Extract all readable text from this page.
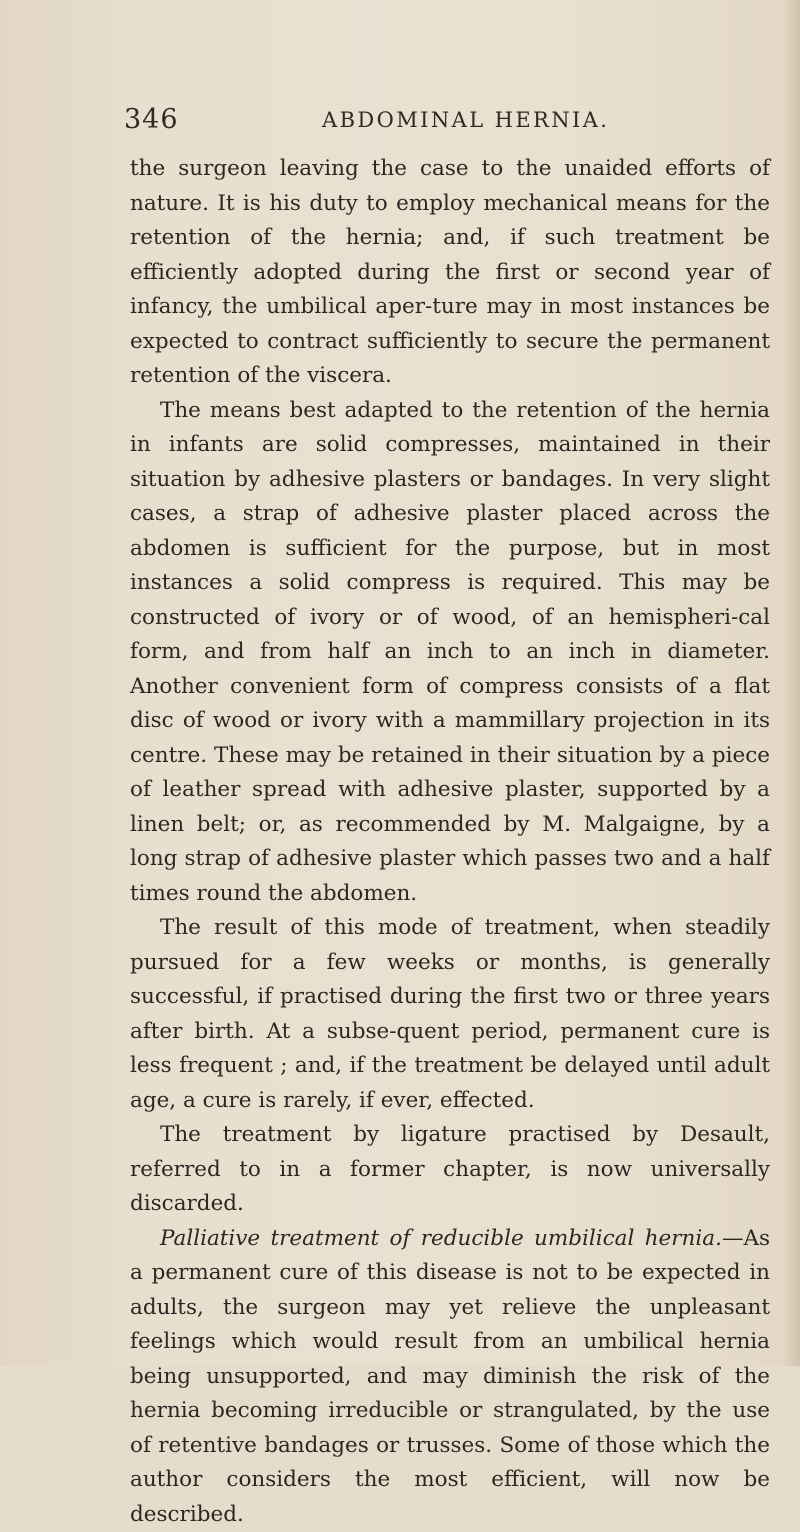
346	ABDOMINAL HERNIA.

the surgeon leaving the case to the unaided efforts of nature. It is his duty to employ mechanical means for the retention of the hernia; and, if such treatment be efficiently adopted during the first or second year of infancy, the umbilical aper-ture may in most instances be expected to contract sufficiently to secure the permanent retention of the viscera.

The means best adapted to the retention of the hernia in infants are solid compresses, maintained in their situation by adhesive plasters or bandages. In very slight cases, a strap of adhesive plaster placed across the abdomen is sufficient for the purpose, but in most instances a solid compress is required. This may be constructed of ivory or of wood, of an hemispheri-cal form, and from half an inch to an inch in diameter. Another convenient form of compress consists of a flat disc of wood or ivory with a mammillary projection in its centre. These may be retained in their situation by a piece of leather spread with adhesive plaster, supported by a linen belt; or, as recommended by M. Malgaigne, by a long strap of adhesive plaster which passes two and a half times round the abdomen.

The result of this mode of treatment, when steadily pursued for a few weeks or months, is generally successful, if practised during the first two or three years after birth. At a subse-quent period, permanent cure is less frequent ; and, if the treatment be delayed until adult age, a cure is rarely, if ever, effected.

The treatment by ligature practised by Desault, referred to in a former chapter, is now universally discarded.

Palliative treatment of reducible umbilical hernia.—As a permanent cure of this disease is not to be expected in adults, the surgeon may yet relieve the unpleasant feelings which would result from an umbilical hernia being unsupported, and may diminish the risk of the hernia becoming irreducible or strangulated, by the use of retentive bandages or trusses. Some of those which the author considers the most efficient, will now be described.
